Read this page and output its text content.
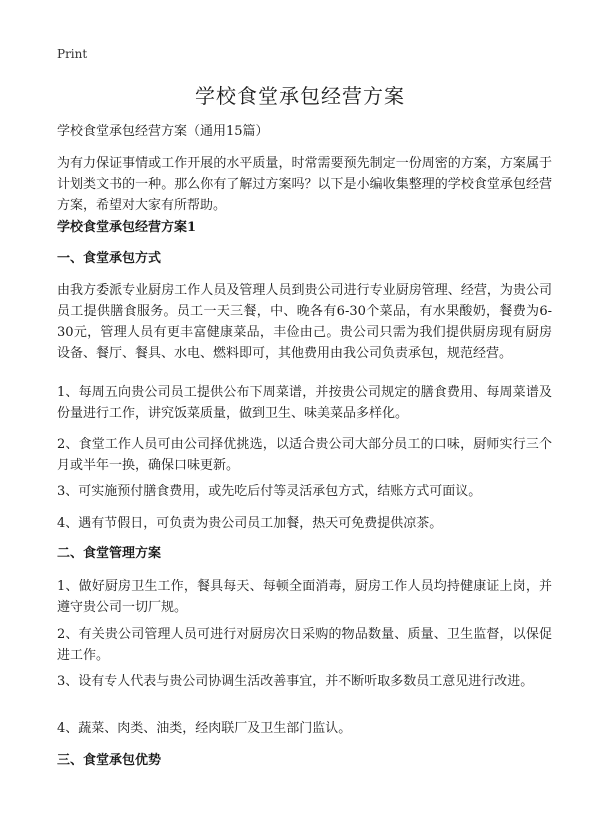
Print
学校食堂承包经营方案

学校食堂承包经营方案（通用15篇）

为有力保证事情或工作开展的水平质量，时常需要预先制定一份周密的方案，方案属于计划类文书的一种。那么你有了解过方案吗？以下是小编收集整理的学校食堂承包经营方案，希望对大家有所帮助。

学校食堂承包经营方案1

一、食堂承包方式

由我方委派专业厨房工作人员及管理人员到贵公司进行专业厨房管理、经营，为贵公司员工提供膳食服务。员工一天三餐，中、晚各有6-30个菜品，有水果酸奶，餐费为6-30元，管理人员有更丰富健康菜品，丰俭由己。贵公司只需为我们提供厨房现有厨房设备、餐厅、餐具、水电、燃料即可，其他费用由我公司负责承包，规范经营。

1、每周五向贵公司员工提供公布下周菜谱，并按贵公司规定的膳食费用、每周菜谱及份量进行工作，讲究饭菜质量，做到卫生、味美菜品多样化。

2、食堂工作人员可由公司择优挑选，以适合贵公司大部分员工的口味，厨师实行三个月或半年一换，确保口味更新。

3、可实施预付膳食费用，或先吃后付等灵活承包方式，结账方式可面议。

4、遇有节假日，可负责为贵公司员工加餐，热天可免费提供凉茶。

二、食堂管理方案

1、做好厨房卫生工作，餐具每天、每顿全面消毒，厨房工作人员均持健康证上岗，并遵守贵公司一切厂规。

2、有关贵公司管理人员可进行对厨房次日采购的物品数量、质量、卫生监督，以保促进工作。

3、设有专人代表与贵公司协调生活改善事宜，并不断听取多数员工意见进行改进。

4、蔬菜、肉类、油类，经肉联厂及卫生部门监认。

三、食堂承包优势
